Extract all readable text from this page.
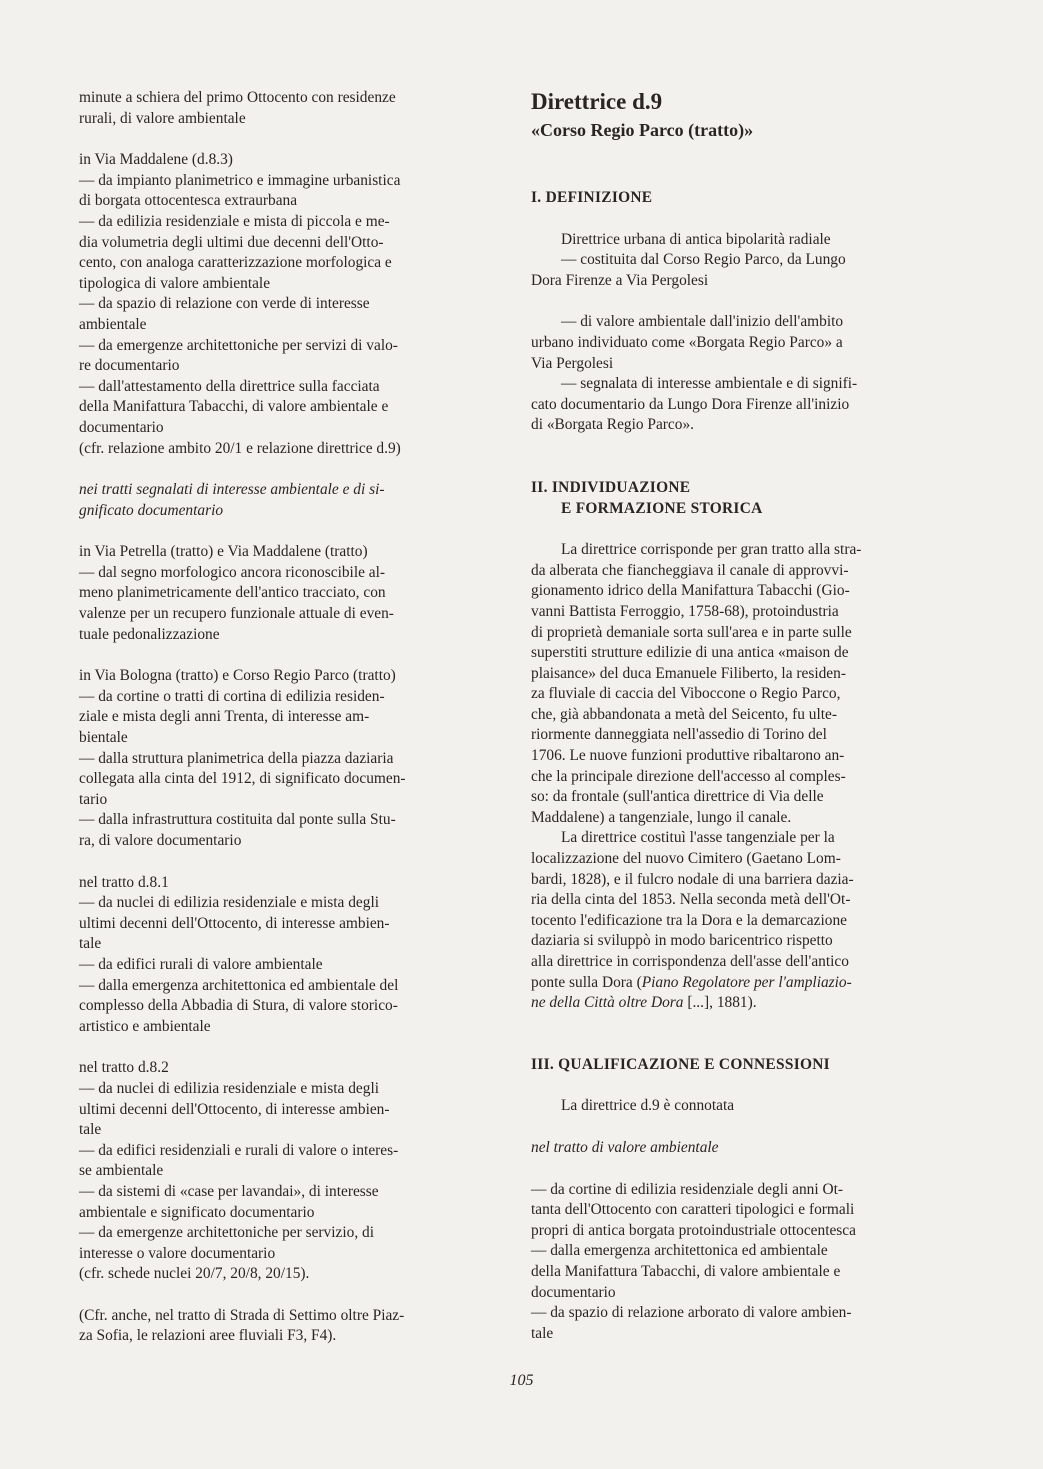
minute a schiera del primo Ottocento con residenze

rurali, di valore ambientale

in Via Maddalene (d.8.3)

— da impianto planimetrico e immagine urbanistica

di borgata ottocentesca extraurbana

— da edilizia residenziale e mista di piccola e me-

dia volumetria degli ultimi due decenni dell'Otto-

cento, con analoga caratterizzazione morfologica e

tipologica di valore ambientale

— da spazio di relazione con verde di interesse

ambientale

— da emergenze architettoniche per servizi di valo-

re documentario

— dall'attestamento della direttrice sulla facciata

della Manifattura Tabacchi, di valore ambientale e

documentario

(cfr. relazione ambito 20/1 e relazione direttrice d.9)

nei tratti segnalati di interesse ambientale e di si-

gnificato documentario

in Via Petrella (tratto) e Via Maddalene (tratto)

— dal segno morfologico ancora riconoscibile al-

meno planimetricamente dell'antico tracciato, con

valenze per un recupero funzionale attuale di even-

tuale pedonalizzazione

in Via Bologna (tratto) e Corso Regio Parco (tratto)

— da cortine o tratti di cortina di edilizia residen-

ziale e mista degli anni Trenta, di interesse am-

bientale

— dalla struttura planimetrica della piazza daziaria

collegata alla cinta del 1912, di significato documen-

tario

— dalla infrastruttura costituita dal ponte sulla Stu-

ra, di valore documentario

nel tratto d.8.1

— da nuclei di edilizia residenziale e mista degli

ultimi decenni dell'Ottocento, di interesse ambien-

tale

— da edifici rurali di valore ambientale

— dalla emergenza architettonica ed ambientale del

complesso della Abbadia di Stura, di valore storico-

artistico e ambientale

nel tratto d.8.2

— da nuclei di edilizia residenziale e mista degli

ultimi decenni dell'Ottocento, di interesse ambien-

tale

— da edifici residenziali e rurali di valore o interes-

se ambientale

— da sistemi di «case per lavandai», di interesse

ambientale e significato documentario

— da emergenze architettoniche per servizio, di

interesse o valore documentario

(cfr. schede nuclei 20/7, 20/8, 20/15).

(Cfr. anche, nel tratto di Strada di Settimo oltre Piaz-

za Sofia, le relazioni aree fluviali F3, F4).

Direttrice d.9
«Corso Regio Parco (tratto)»
I. DEFINIZIONE

Direttrice urbana di antica bipolarità radiale

— costituita dal Corso Regio Parco, da Lungo

Dora Firenze a Via Pergolesi

— di valore ambientale dall'inizio dell'ambito

urbano individuato come «Borgata Regio Parco» a

Via Pergolesi

— segnalata di interesse ambientale e di signifi-

cato documentario da Lungo Dora Firenze all'inizio

di «Borgata Regio Parco».

II. INDIVIDUAZIONE
E FORMAZIONE STORICA

La direttrice corrisponde per gran tratto alla stra-

da alberata che fiancheggiava il canale di approvvi-

gionamento idrico della Manifattura Tabacchi (Gio-

vanni Battista Ferroggio, 1758-68), protoindustria

di proprietà demaniale sorta sull'area e in parte sulle

superstiti strutture edilizie di una antica «maison de

plaisance» del duca Emanuele Filiberto, la residen-

za fluviale di caccia del Viboccone o Regio Parco,

che, già abbandonata a metà del Seicento, fu ulte-

riormente danneggiata nell'assedio di Torino del

1706. Le nuove funzioni produttive ribaltarono an-

che la principale direzione dell'accesso al comples-

so: da frontale (sull'antica direttrice di Via delle

Maddalene) a tangenziale, lungo il canale.

La direttrice costituì l'asse tangenziale per la

localizzazione del nuovo Cimitero (Gaetano Lom-

bardi, 1828), e il fulcro nodale di una barriera dazia-

ria della cinta del 1853. Nella seconda metà dell'Ot-

tocento l'edificazione tra la Dora e la demarcazione

daziaria si sviluppò in modo baricentrico rispetto

alla direttrice in corrispondenza dell'asse dell'antico

ponte sulla Dora (Piano Regolatore per l'ampliazio-

ne della Città oltre Dora [...], 1881).

III. QUALIFICAZIONE E CONNESSIONI

La direttrice d.9 è connotata

nel tratto di valore ambientale

— da cortine di edilizia residenziale degli anni Ot-

tanta dell'Ottocento con caratteri tipologici e formali

propri di antica borgata protoindustriale ottocentesca

— dalla emergenza architettonica ed ambientale

della Manifattura Tabacchi, di valore ambientale e

documentario

— da spazio di relazione arborato di valore ambien-

tale

105
